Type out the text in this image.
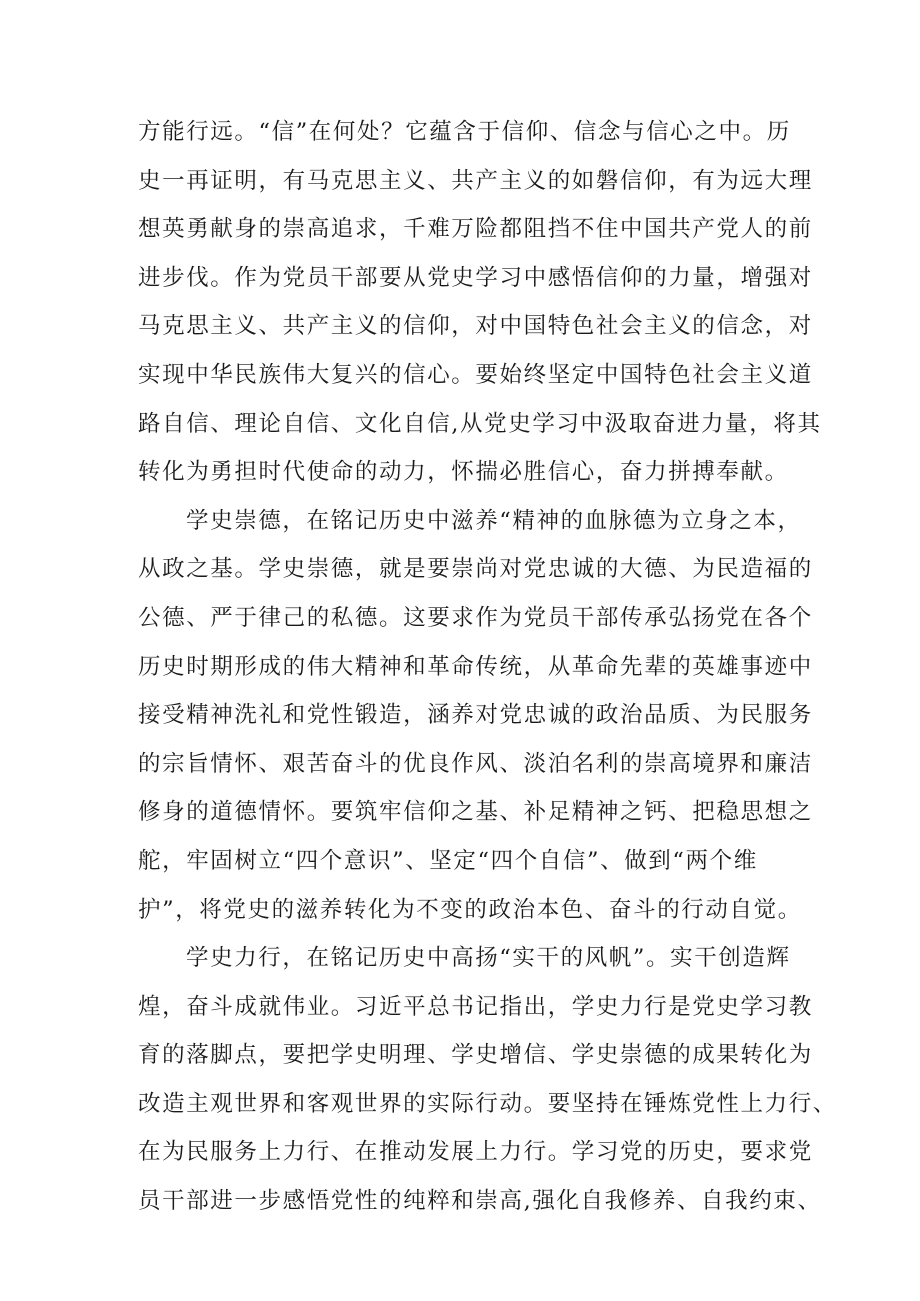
方能行远。“信”在何处？它蕴含于信仰、信念与信心之中。历
史一再证明，有马克思主义、共产主义的如磐信仰，有为远大理
想英勇献身的崇高追求，千难万险都阻挡不住中国共产党人的前
进步伐。作为党员干部要从党史学习中感悟信仰的力量，增强对
马克思主义、共产主义的信仰，对中国特色社会主义的信念，对
实现中华民族伟大复兴的信心。要始终坚定中国特色社会主义道
路自信、理论自信、文化自信,从党史学习中汲取奋进力量，将其
转化为勇担时代使命的动力，怀揣必胜信心，奋力拼搏奉献。
学史崇德，在铭记历史中滋养“精神的血脉德为立身之本，
从政之基。学史崇德，就是要崇尚对党忠诚的大德、为民造福的
公德、严于律己的私德。这要求作为党员干部传承弘扬党在各个
历史时期形成的伟大精神和革命传统，从革命先辈的英雄事迹中
接受精神洗礼和党性锻造，涵养对党忠诚的政治品质、为民服务
的宗旨情怀、艰苦奋斗的优良作风、淡泊名利的崇高境界和廉洁
修身的道德情怀。要筑牢信仰之基、补足精神之钙、把稳思想之
舵，牢固树立“四个意识”、坚定“四个自信”、做到“两个维
护”，将党史的滋养转化为不变的政治本色、奋斗的行动自觉。
学史力行，在铭记历史中高扬“实干的风帆”。实干创造辉
煌，奋斗成就伟业。习近平总书记指出，学史力行是党史学习教
育的落脚点，要把学史明理、学史增信、学史崇德的成果转化为
改造主观世界和客观世界的实际行动。要坚持在锤炼党性上力行、
在为民服务上力行、在推动发展上力行。学习党的历史，要求党
员干部进一步感悟党性的纯粹和崇高,强化自我修养、自我约束、
